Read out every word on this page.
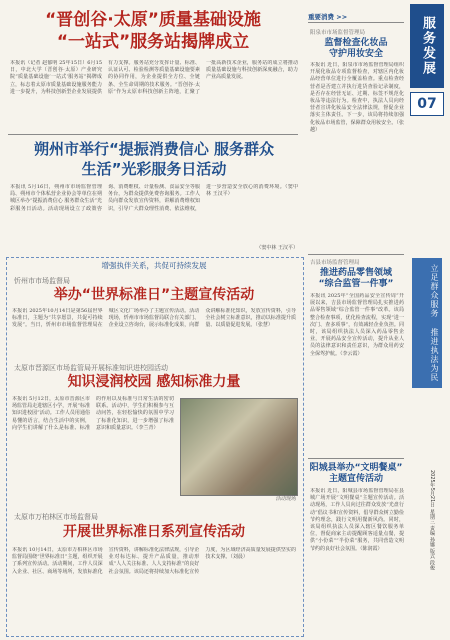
“晋创谷·太原”质量基础设施
“一站式”服务站揭牌成立
本报讯（记者 赵郁明 25年15日）6月15日，中北大学（晋创谷·太原）产业研究院“质量基础设施‘一站式’服务站”揭牌成立，标志着太原市质量基础设施服务能力进一步提升，为科技创新型企业发展提供有力支撑。服务站充分发挥计量、标准、认证认可、检验检测等质量基础设施要素的协同作用，为企业提供全方位、全链条、全生命周期的技术服务。“晋创谷·太原”作为太原市科技创新主阵地，汇聚了一批高新技术企业，服务站的成立将推动质量基础设施与科技创新深度融合，助力产业高质量发展。
朔州市举行“提振消费信心 服务群众
生活”光彩服务日活动
本报讯 5月16日，朔州市市场监督管理局、朔州市个体私营企业协会等单位在朔城区举办“提振消费信心 服务群众生活”光彩服务日活动。活动现场设立了政策咨询、消费维权、计量检测、食品安全等服务台，为群众提供免费咨询服务。工作人员向群众发放宣传资料，讲解消费维权知识，引导广大群众理性消费、依法维权，进一步营造安全放心的消费环境。（窦中林 王汉平）
（窦中林 王汉平）
增强执伴关系，共促可持续发展
忻州市市场监督局
举办“世界标准日”主题宣传活动
本报讯 2025年10月14日是第56届世界标准日，主题为“共享愿景，共促可持续发展”。当日，忻州市市场监督管理局在城区文化广场举办了主题宣传活动。活动现场，忻州市市场监督局联合有关部门、企业设立咨询台，展示标准化成果，向群众讲解标准化知识，发放宣传资料，引导全社会树立标准意识，推动以标准提升质量、以质量促进发展。（张慧）
太原市晋源区市场监管局开展标准知识进校园活动
知识浸润校园 感知标准力量
本报讯 5月12日，太原市晋源区市场监管局走进辖区小学，开展“标准知识进校园”活动。工作人员用通俗易懂的语言，结合生活中的实例，向学生们讲解了什么是标准、标准的作用以及标准与日常生活的密切联系。活动中，学生们积极参与互动问答，在轻松愉快的氛围中学习了标准化知识，进一步增强了标准意识和质量意识。（李兰青）
活动现场
太原市万柏林区市场监督局
开展世界标准日系列宣传活动
本报讯 10月14日，太原市万柏林区市场监督局围绕“世界标准日”主题，组织开展了系列宣传活动。活动期间，工作人员深入企业、社区、商场等场所，发放标准化宣传资料，讲解标准化法律法规，引导企业对标达标、提升产品质量，推动形成“人人关注标准、人人支持标准”的良好社会氛围。该局还将持续加大标准化宣传力度，为区域经济高质量发展提供坚实的技术支撑。（刘晨）
重要消费 >>
阳泉市市场监督管理局
监督检查化妆品
守护用妆安全
本报讯 近日，阳泉市市场监督管理局组织开展化妆品专项监督检查，对辖区内化妆品经营单位进行全覆盖检查。重点检查经营者是否建立并执行进货查验记录制度，是否存在经营无证、过期、标签不规范化妆品等违法行为。检查中，执法人员向经营者宣讲化妆品安全法律法规，督促企业落实主体责任。下一步，该局将持续加强化妆品市场监管，保障群众用妆安全。（张越）
吉县市场监督管理局
推进药品零售领域
“综合监管一件事”
本报讯 2025年“全国药品安全宣传周”开展以来，吉县市场监督管理局扎实推进药品零售领域“综合监管一件事”改革。该局整合检查事项，优化检查流程，实现“进一次门、查多项事”，有效减轻企业负担。同时，该局组织执法人员深入药品零售企业，开展药品安全宣传活动，提升从业人员的法律意识和责任意识，为群众用药安全保驾护航。（李云霞）
阳城县举办“文明餐桌”
主题宣传活动
本报讯 近日，阳城县市场监督管理局在县城广场开展“文明餐桌”主题宣传活动。活动现场，工作人员向过往群众发放“光盘行动”倡议书和宣传资料，倡导群众树立勤俭节约理念，践行文明用餐新风尚。同时，该局组织执法人员深入辖区餐饮服务单位，督促商家主动提醒顾客适量点餐，提供“小份菜”“半份菜”服务，共同营造文明节约的良好社会氛围。（陈润霞）
服务发展
07
立足群众服务 推进执法为民
2025年5月21日 星期三 责编 孙娜 版式 段俊
